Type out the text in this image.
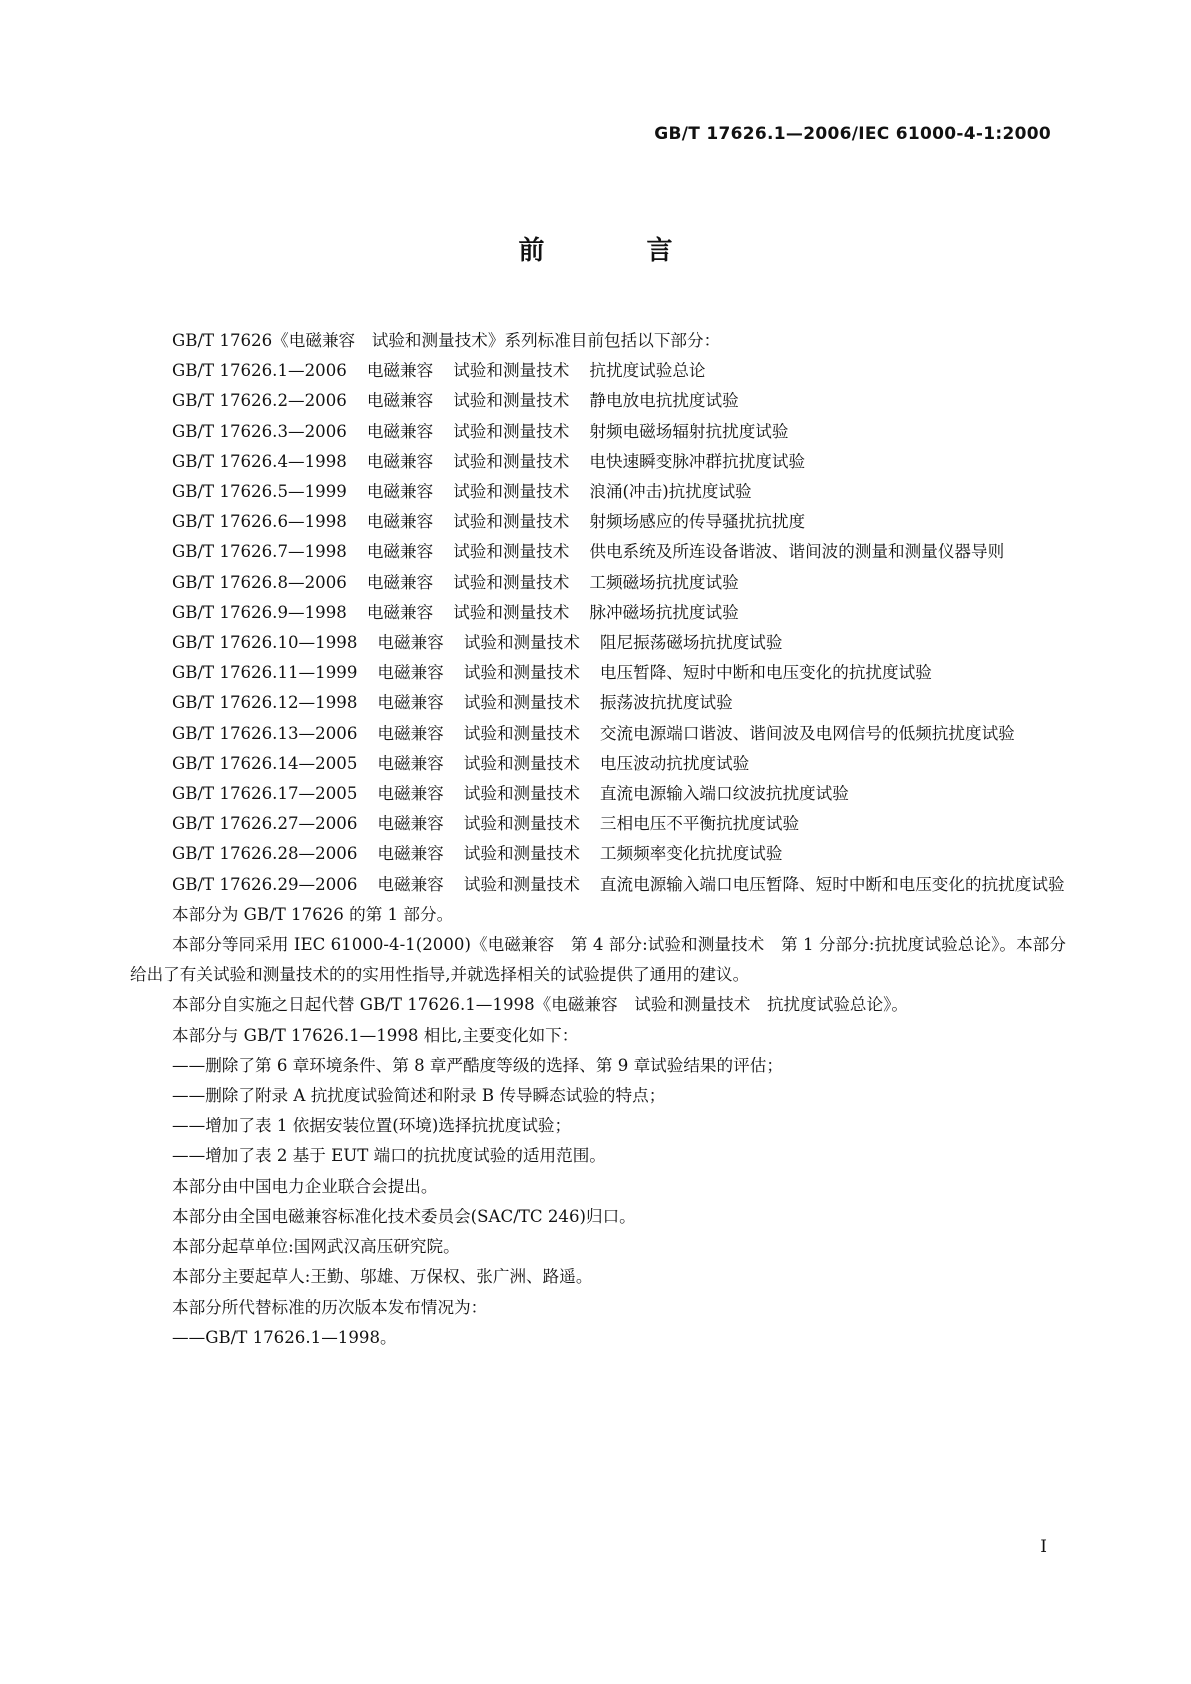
GB/T 17626.1—2006/IEC 61000-4-1:2000
前　言

GB/T 17626《电磁兼容　试验和测量技术》系列标准目前包括以下部分：

GB/T 17626.1—2006 电磁兼容 试验和测量技术 抗扰度试验总论

GB/T 17626.2—2006 电磁兼容 试验和测量技术 静电放电抗扰度试验

GB/T 17626.3—2006 电磁兼容 试验和测量技术 射频电磁场辐射抗扰度试验

GB/T 17626.4—1998 电磁兼容 试验和测量技术 电快速瞬变脉冲群抗扰度试验

GB/T 17626.5—1999 电磁兼容 试验和测量技术 浪涌(冲击)抗扰度试验

GB/T 17626.6—1998 电磁兼容 试验和测量技术 射频场感应的传导骚扰抗扰度

GB/T 17626.7—1998 电磁兼容 试验和测量技术 供电系统及所连设备谐波、谐间波的测量和测量仪器导则

GB/T 17626.8—2006 电磁兼容 试验和测量技术 工频磁场抗扰度试验

GB/T 17626.9—1998 电磁兼容 试验和测量技术 脉冲磁场抗扰度试验

GB/T 17626.10—1998 电磁兼容 试验和测量技术 阻尼振荡磁场抗扰度试验

GB/T 17626.11—1999 电磁兼容 试验和测量技术 电压暂降、短时中断和电压变化的抗扰度试验

GB/T 17626.12—1998 电磁兼容 试验和测量技术 振荡波抗扰度试验

GB/T 17626.13—2006 电磁兼容 试验和测量技术 交流电源端口谐波、谐间波及电网信号的低频抗扰度试验

GB/T 17626.14—2005 电磁兼容 试验和测量技术 电压波动抗扰度试验

GB/T 17626.17—2005 电磁兼容 试验和测量技术 直流电源输入端口纹波抗扰度试验

GB/T 17626.27—2006 电磁兼容 试验和测量技术 三相电压不平衡抗扰度试验

GB/T 17626.28—2006 电磁兼容 试验和测量技术 工频频率变化抗扰度试验

GB/T 17626.29—2006 电磁兼容 试验和测量技术 直流电源输入端口电压暂降、短时中断和电压变化的抗扰度试验

本部分为 GB/T 17626 的第 1 部分。

本部分等同采用 IEC 61000-4-1(2000)《电磁兼容　第 4 部分:试验和测量技术　第 1 分部分:抗扰度试验总论》。本部分给出了有关试验和测量技术的的实用性指导,并就选择相关的试验提供了通用的建议。

本部分自实施之日起代替 GB/T 17626.1—1998《电磁兼容　试验和测量技术　抗扰度试验总论》。

本部分与 GB/T 17626.1—1998 相比,主要变化如下：

——删除了第 6 章环境条件、第 8 章严酷度等级的选择、第 9 章试验结果的评估；

——删除了附录 A 抗扰度试验简述和附录 B 传导瞬态试验的特点；

——增加了表 1 依据安装位置(环境)选择抗扰度试验；

——增加了表 2 基于 EUT 端口的抗扰度试验的适用范围。

本部分由中国电力企业联合会提出。

本部分由全国电磁兼容标准化技术委员会(SAC/TC 246)归口。

本部分起草单位:国网武汉高压研究院。

本部分主要起草人:王勤、邬雄、万保权、张广洲、路遥。

本部分所代替标准的历次版本发布情况为：

——GB/T 17626.1—1998。

I
